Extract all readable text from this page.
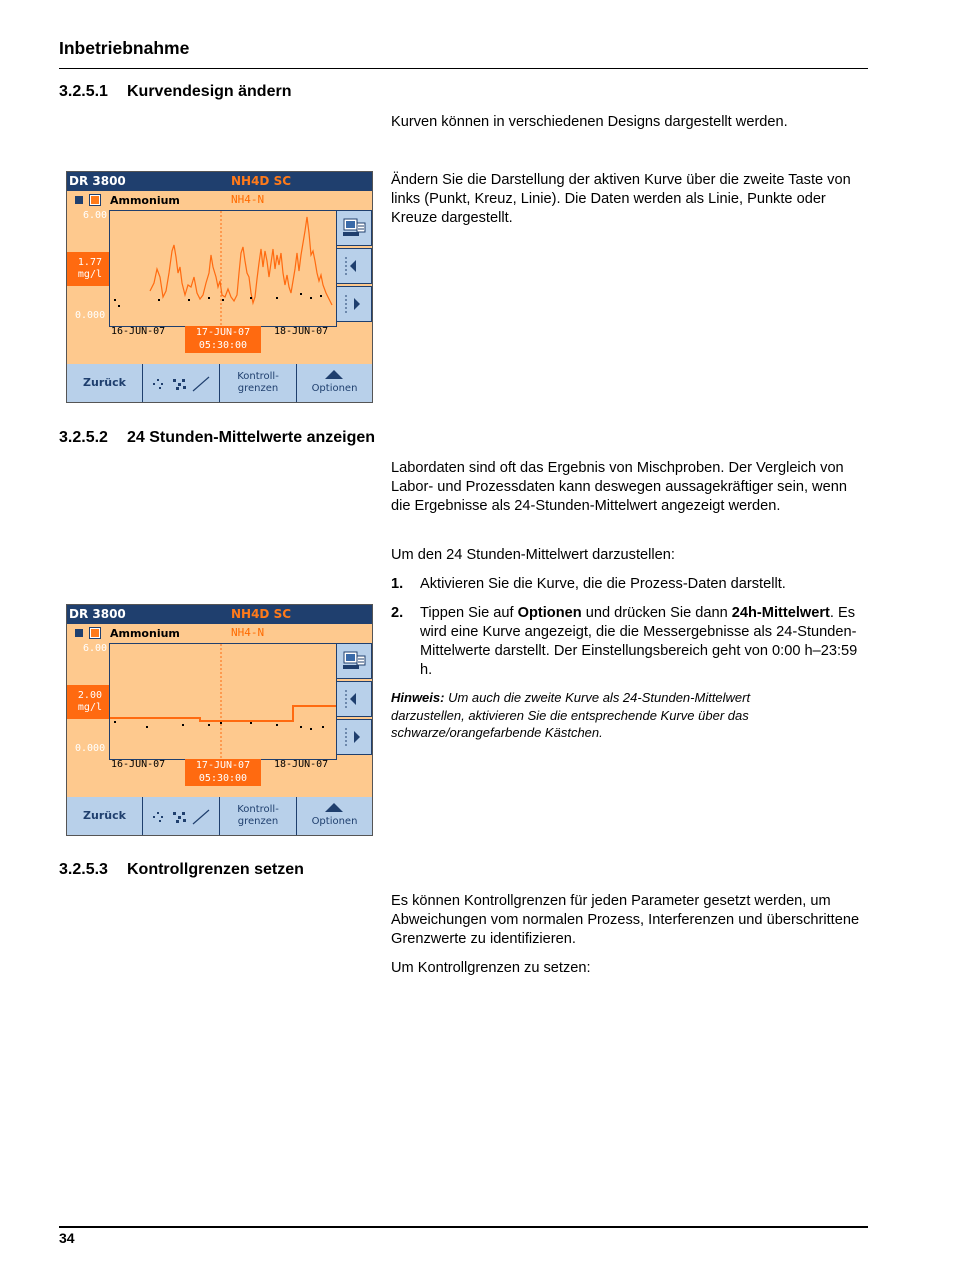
Inbetriebnahme
3.2.5.1 Kurvendesign ändern
Kurven können in verschiedenen Designs dargestellt werden.
Ändern Sie die Darstellung der aktiven Kurve über die zweite Taste von links (Punkt, Kreuz, Linie). Die Daten werden als Linie, Punkte oder Kreuze dargestellt.
DR 3800	NH4D SC
Ammonium	NH4-N
6.00
1.77
mg/l
0.000
16-JUN-07	17-JUN-07
05:30:00
18-JUN-07
Zurück	Kontroll-
grenzen	Optionen
3.2.5.2 24 Stunden-Mittelwerte anzeigen
Labordaten sind oft das Ergebnis von Mischproben. Der Vergleich von Labor- und Prozessdaten kann deswegen aussagekräftiger sein, wenn die Ergebnisse als 24-Stunden-Mittelwert angezeigt werden.
Um den 24 Stunden-Mittelwert darzustellen:
1. Aktivieren Sie die Kurve, die die Prozess-Daten darstellt.
2. Tippen Sie auf Optionen und drücken Sie dann 24h-Mittelwert. Es wird eine Kurve angezeigt, die die Messergebnisse als 24-Stunden-Mittelwerte darstellt. Der Einstellungsbereich geht von 0:00 h–23:59 h.
Hinweis: Um auch die zweite Kurve als 24-Stunden-Mittelwert darzustellen, aktivieren Sie die entsprechende Kurve über das schwarze/orangefarbende Kästchen.
DR 3800	NH4D SC
Ammonium	NH4-N
6.00
2.00
mg/l
0.000
16-JUN-07	17-JUN-07
05:30:00
18-JUN-07
Zurück	Kontroll-
grenzen	Optionen
3.2.5.3 Kontrollgrenzen setzen
Es können Kontrollgrenzen für jeden Parameter gesetzt werden, um Abweichungen vom normalen Prozess, Interferenzen und überschrittene Grenzwerte zu identifizieren.
Um Kontrollgrenzen zu setzen:
34
